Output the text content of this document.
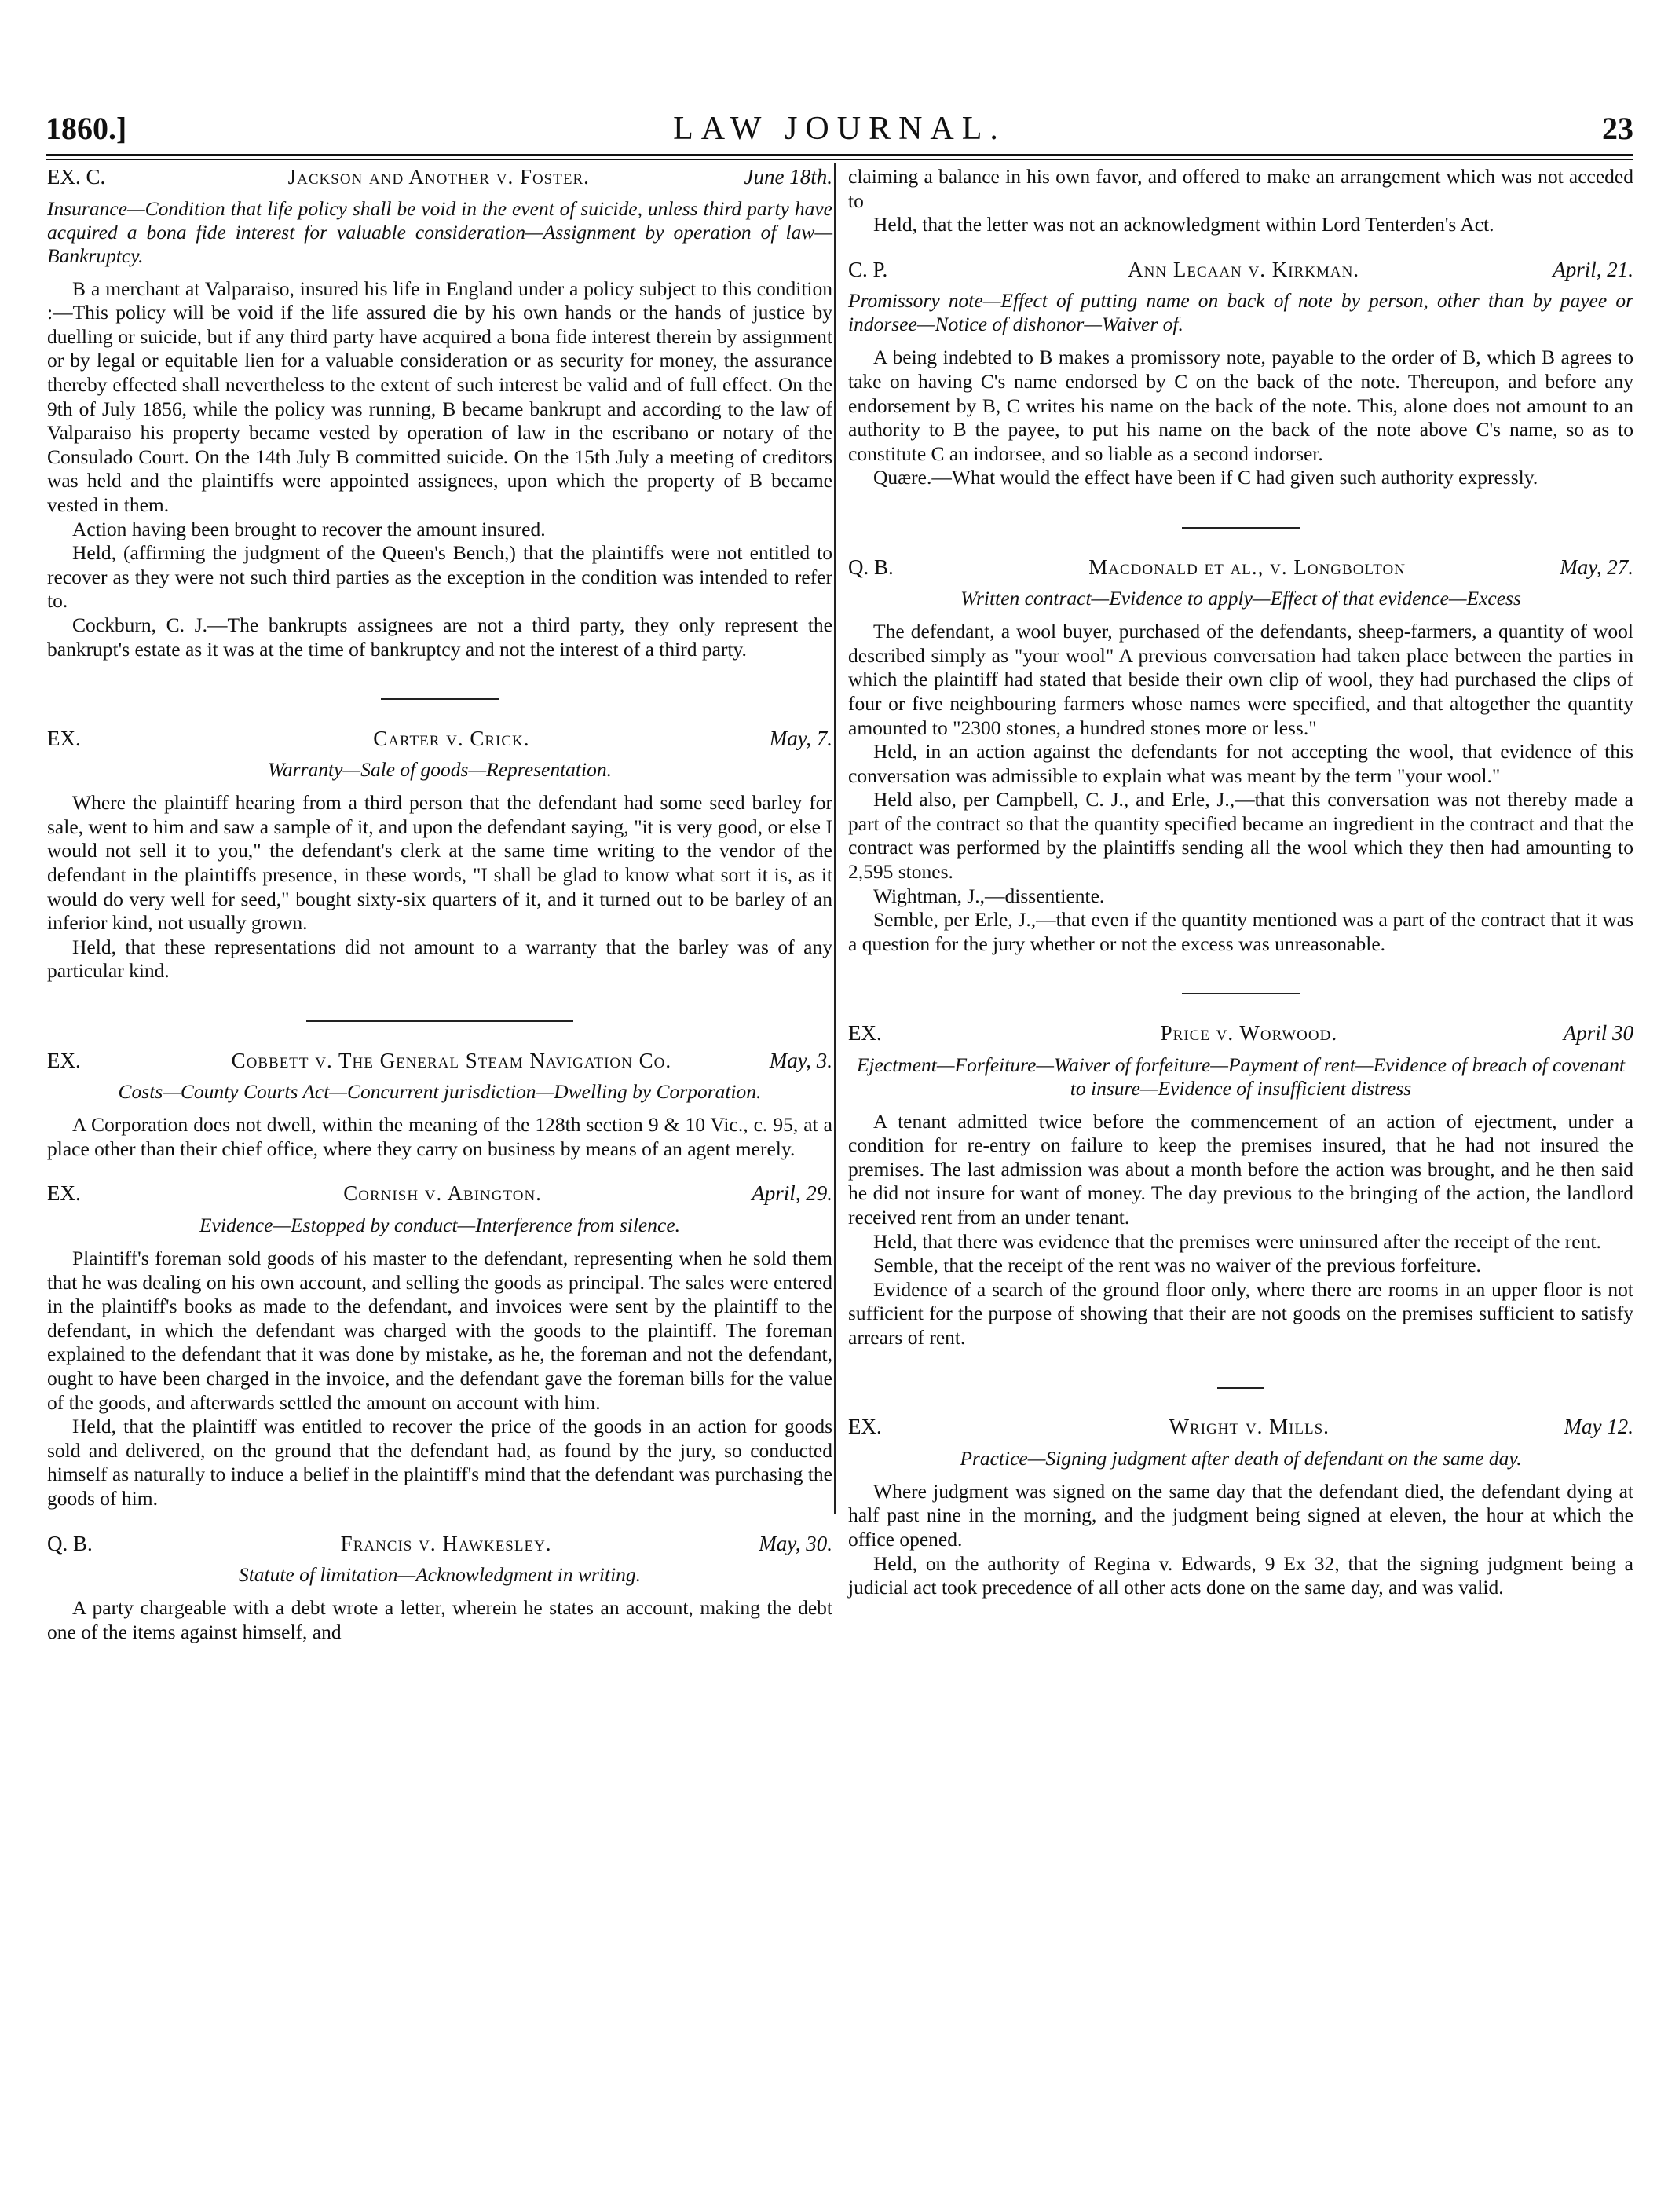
1860.]	LAW JOURNAL.	23
EX. C.	Jackson and Another v. Foster.	June 18th.
Insurance—Condition that life policy shall be void in the event of suicide, unless third party have acquired a bona fide interest for valuable consideration—Assignment by operation of law—Bankruptcy.

B a merchant at Valparaiso, insured his life in England under a policy subject to this condition :—This policy will be void if the life assured die by his own hands or the hands of justice by duelling or suicide, but if any third party have acquired a bona fide interest therein by assignment or by legal or equitable lien for a valuable consideration or as security for money, the assurance thereby effected shall nevertheless to the extent of such interest be valid and of full effect. On the 9th of July 1856, while the policy was running, B became bankrupt and according to the law of Valparaiso his property became vested by operation of law in the escribano or notary of the Consulado Court. On the 14th July B committed suicide. On the 15th July a meeting of creditors was held and the plaintiffs were appointed assignees, upon which the property of B became vested in them.

Action having been brought to recover the amount insured.

Held, (affirming the judgment of the Queen's Bench,) that the plaintiffs were not entitled to recover as they were not such third parties as the exception in the condition was intended to refer to.

Cockburn, C. J.—The bankrupts assignees are not a third party, they only represent the bankrupt's estate as it was at the time of bankruptcy and not the interest of a third party.

EX.	Carter v. Crick.	May, 7.
Warranty—Sale of goods—Representation.

Where the plaintiff hearing from a third person that the defendant had some seed barley for sale, went to him and saw a sample of it, and upon the defendant saying, "it is very good, or else I would not sell it to you," the defendant's clerk at the same time writing to the vendor of the defendant in the plaintiffs presence, in these words, "I shall be glad to know what sort it is, as it would do very well for seed," bought sixty-six quarters of it, and it turned out to be barley of an inferior kind, not usually grown.

Held, that these representations did not amount to a warranty that the barley was of any particular kind.

EX.	Cobbett v. The General Steam Navigation Co.	May, 3.
Costs—County Courts Act—Concurrent jurisdiction—Dwelling by Corporation.

A Corporation does not dwell, within the meaning of the 128th section 9 & 10 Vic., c. 95, at a place other than their chief office, where they carry on business by means of an agent merely.

EX.	Cornish v. Abington.	April, 29.
Evidence—Estopped by conduct—Interference from silence.

Plaintiff's foreman sold goods of his master to the defendant, representing when he sold them that he was dealing on his own account, and selling the goods as principal. The sales were entered in the plaintiff's books as made to the defendant, and invoices were sent by the plaintiff to the defendant, in which the defendant was charged with the goods to the plaintiff. The foreman explained to the defendant that it was done by mistake, as he, the foreman and not the defendant, ought to have been charged in the invoice, and the defendant gave the foreman bills for the value of the goods, and afterwards settled the amount on account with him.

Held, that the plaintiff was entitled to recover the price of the goods in an action for goods sold and delivered, on the ground that the defendant had, as found by the jury, so conducted himself as naturally to induce a belief in the plaintiff's mind that the defendant was purchasing the goods of him.

Q. B.	Francis v. Hawkesley.	May, 30.
Statute of limitation—Acknowledgment in writing.

A party chargeable with a debt wrote a letter, wherein he states an account, making the debt one of the items against himself, and

claiming a balance in his own favor, and offered to make an arrangement which was not acceded to

Held, that the letter was not an acknowledgment within Lord Tenterden's Act.

C. P.	Ann Lecaan v. Kirkman.	April, 21.
Promissory note—Effect of putting name on back of note by person, other than by payee or indorsee—Notice of dishonor—Waiver of.

A being indebted to B makes a promissory note, payable to the order of B, which B agrees to take on having C's name endorsed by C on the back of the note. Thereupon, and before any endorsement by B, C writes his name on the back of the note. This, alone does not amount to an authority to B the payee, to put his name on the back of the note above C's name, so as to constitute C an indorsee, and so liable as a second indorser.

Quære.—What would the effect have been if C had given such authority expressly.

Q. B.	Macdonald et al., v. Longbolton	May, 27.
Written contract—Evidence to apply—Effect of that evidence—Excess

The defendant, a wool buyer, purchased of the defendants, sheep-farmers, a quantity of wool described simply as "your wool" A previous conversation had taken place between the parties in which the plaintiff had stated that beside their own clip of wool, they had purchased the clips of four or five neighbouring farmers whose names were specified, and that altogether the quantity amounted to "2300 stones, a hundred stones more or less."

Held, in an action against the defendants for not accepting the wool, that evidence of this conversation was admissible to explain what was meant by the term "your wool."

Held also, per Campbell, C. J., and Erle, J.,—that this conversation was not thereby made a part of the contract so that the quantity specified became an ingredient in the contract and that the contract was performed by the plaintiffs sending all the wool which they then had amounting to 2,595 stones.

Wightman, J.,—dissentiente.

Semble, per Erle, J.,—that even if the quantity mentioned was a part of the contract that it was a question for the jury whether or not the excess was unreasonable.

EX.	Price v. Worwood.	April 30
Ejectment—Forfeiture—Waiver of forfeiture—Payment of rent—Evidence of breach of covenant to insure—Evidence of insufficient distress

A tenant admitted twice before the commencement of an action of ejectment, under a condition for re-entry on failure to keep the premises insured, that he had not insured the premises. The last admission was about a month before the action was brought, and he then said he did not insure for want of money. The day previous to the bringing of the action, the landlord received rent from an under tenant.

Held, that there was evidence that the premises were uninsured after the receipt of the rent.

Semble, that the receipt of the rent was no waiver of the previous forfeiture.

Evidence of a search of the ground floor only, where there are rooms in an upper floor is not sufficient for the purpose of showing that their are not goods on the premises sufficient to satisfy arrears of rent.

EX.	Wright v. Mills.	May 12.
Practice—Signing judgment after death of defendant on the same day.

Where judgment was signed on the same day that the defendant died, the defendant dying at half past nine in the morning, and the judgment being signed at eleven, the hour at which the office opened.

Held, on the authority of Regina v. Edwards, 9 Ex 32, that the signing judgment being a judicial act took precedence of all other acts done on the same day, and was valid.
